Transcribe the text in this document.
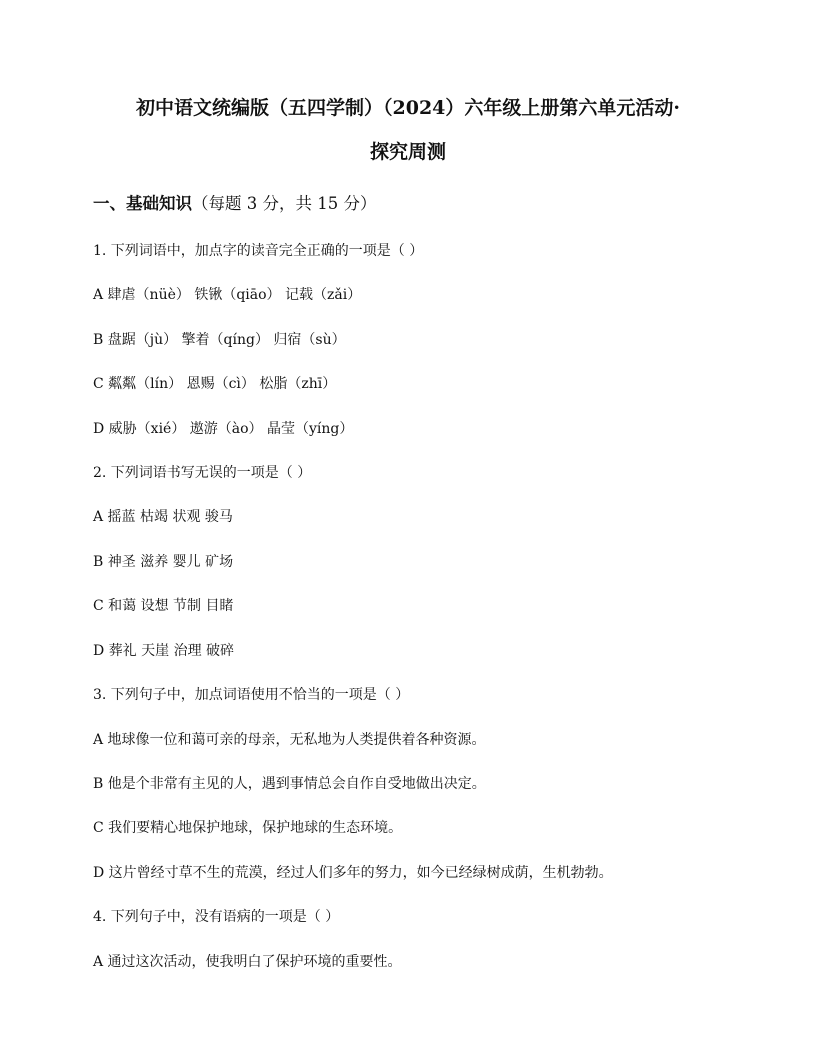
初中语文统编版（五四学制）（2024）六年级上册第六单元活动·
探究周测
一、基础知识（每题 3 分，共 15 分）
1. 下列词语中，加点字的读音完全正确的一项是（ ）
A 肆虐（nüè） 铁锹（qiāo） 记载（zǎi）
B 盘踞（jù） 擎着（qíng） 归宿（sù）
C 粼粼（lín） 恩赐（cì） 松脂（zhī）
D 威胁（xié） 遨游（ào） 晶莹（yíng）
2. 下列词语书写无误的一项是（ ）
A 摇蓝 枯竭 状观 骏马
B 神圣 滋养 婴儿 矿场
C 和蔼 设想 节制 目睹
D 葬礼 天崖 治理 破碎
3. 下列句子中，加点词语使用不恰当的一项是（ ）
A 地球像一位和蔼可亲的母亲，无私地为人类提供着各种资源。
B 他是个非常有主见的人，遇到事情总会自作自受地做出决定。
C 我们要精心地保护地球，保护地球的生态环境。
D 这片曾经寸草不生的荒漠，经过人们多年的努力，如今已经绿树成荫，生机勃勃。
4. 下列句子中，没有语病的一项是（ ）
A 通过这次活动，使我明白了保护环境的重要性。
